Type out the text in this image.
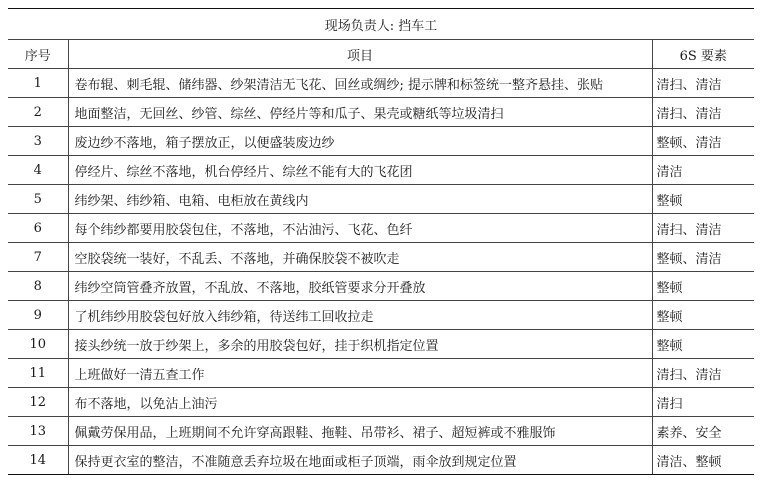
现场负责人: 挡车工		
序号	项目	6S 要素
1	卷布辊、刺毛辊、储纬器、纱架清洁无飞花、回丝或绸纱; 提示牌和标签统一整齐悬挂、张贴	清扫、清洁
2	地面整洁，无回丝、纱管、综丝、停经片等和瓜子、果壳或糖纸等垃圾清扫	清扫、清洁
3	废边纱不落地，箱子摆放正，以便盛装废边纱	整顿、清洁
4	停经片、综丝不落地，机台停经片、综丝不能有大的飞花团	清洁
5	纬纱架、纬纱箱、电箱、电柜放在黄线内	整顿
6	每个纬纱都要用胶袋包住，不落地，不沾油污、飞花、色纤	清扫、清洁
7	空胶袋统一装好，不乱丢、不落地，并确保胶袋不被吹走	整顿、清洁
8	纬纱空筒管叠齐放置，不乱放、不落地，胶纸管要求分开叠放	整顿
9	了机纬纱用胶袋包好放入纬纱箱，待送纬工回收拉走	整顿
10	接头纱统一放于纱架上，多余的用胶袋包好，挂于织机指定位置	整顿
11	上班做好一清五查工作	清扫、清洁
12	布不落地，以免沾上油污	清扫
13	佩戴劳保用品，上班期间不允许穿高跟鞋、拖鞋、吊带衫、裙子、超短裤或不雅服饰	素养、安全
14	保持更衣室的整洁，不准随意丢弃垃圾在地面或柜子顶端，雨伞放到规定位置	清洁、整顿
